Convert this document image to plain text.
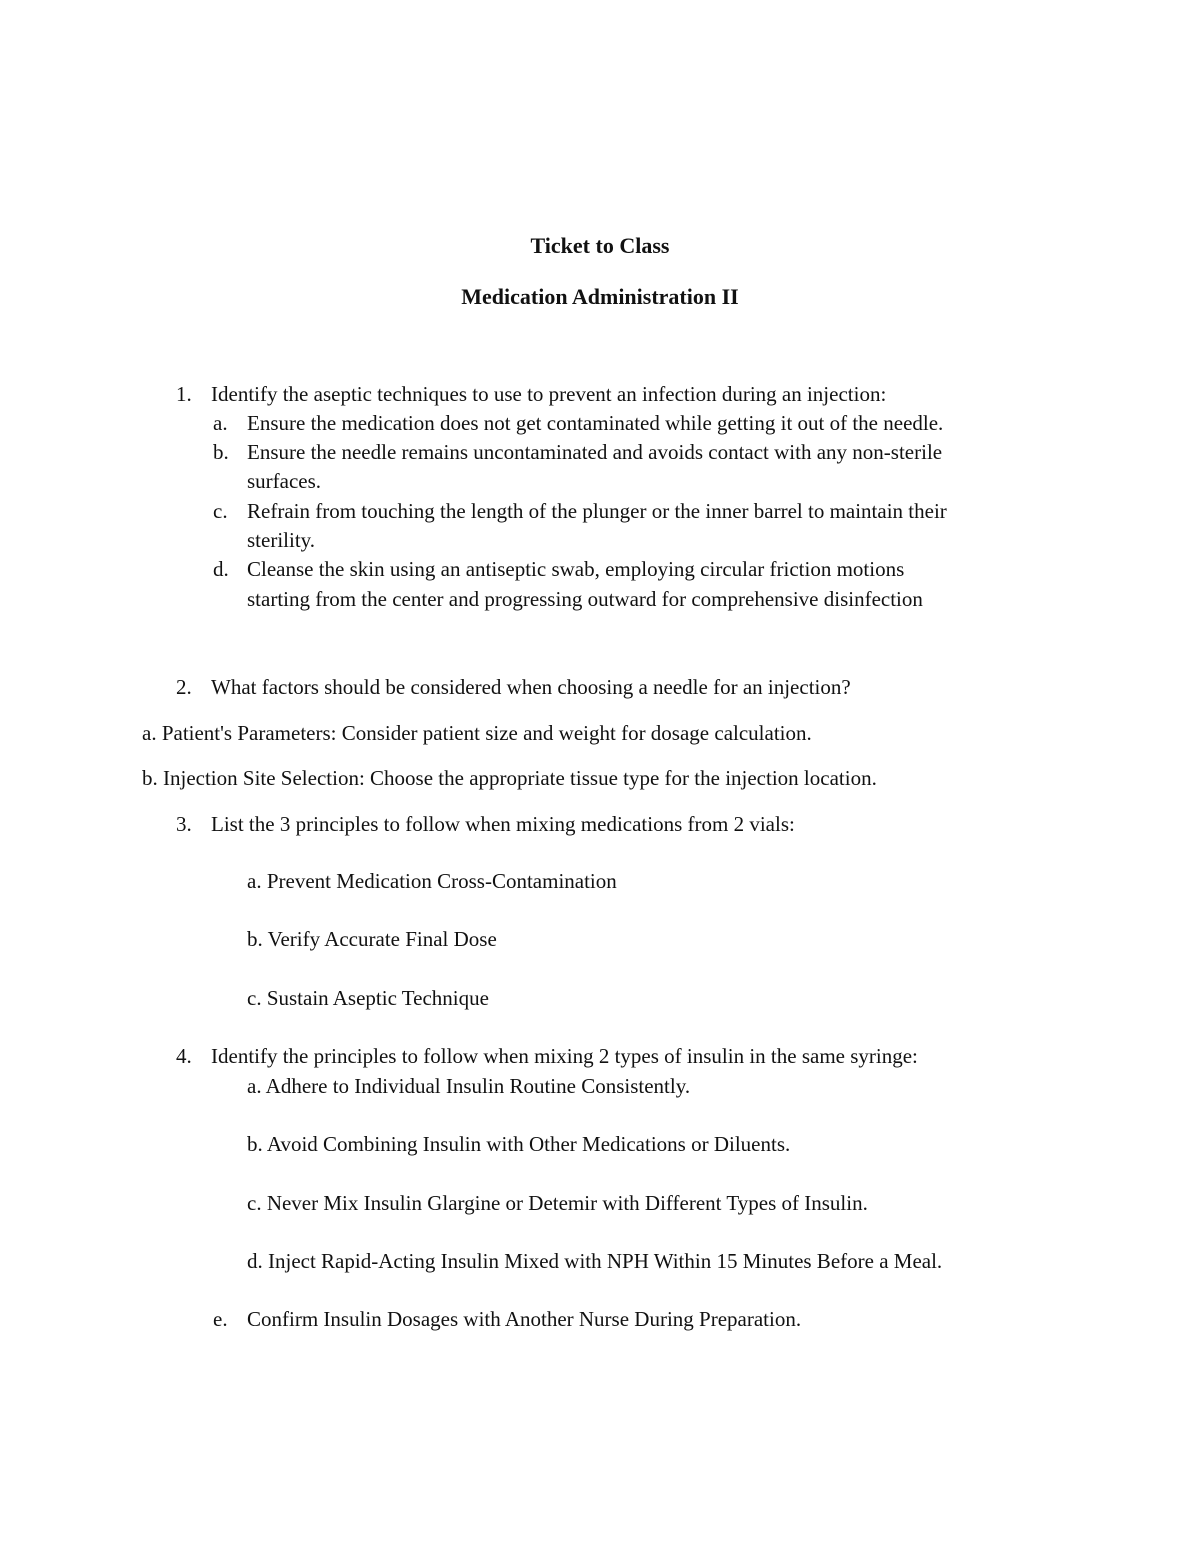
Ticket to Class
Medication Administration II
1. Identify the aseptic techniques to use to prevent an infection during an injection:
a. Ensure the medication does not get contaminated while getting it out of the needle.
b. Ensure the needle remains uncontaminated and avoids contact with any non-sterile
surfaces.
c. Refrain from touching the length of the plunger or the inner barrel to maintain their
sterility.
d. Cleanse the skin using an antiseptic swab, employing circular friction motions
starting from the center and progressing outward for comprehensive disinfection
2. What factors should be considered when choosing a needle for an injection?
a. Patient's Parameters: Consider patient size and weight for dosage calculation.
b. Injection Site Selection: Choose the appropriate tissue type for the injection location.
3. List the 3 principles to follow when mixing medications from 2 vials:
a. Prevent Medication Cross-Contamination
b. Verify Accurate Final Dose
c. Sustain Aseptic Technique
4. Identify the principles to follow when mixing 2 types of insulin in the same syringe:
a. Adhere to Individual Insulin Routine Consistently.
b. Avoid Combining Insulin with Other Medications or Diluents.
c. Never Mix Insulin Glargine or Detemir with Different Types of Insulin.
d. Inject Rapid-Acting Insulin Mixed with NPH Within 15 Minutes Before a Meal.
e. Confirm Insulin Dosages with Another Nurse During Preparation.
